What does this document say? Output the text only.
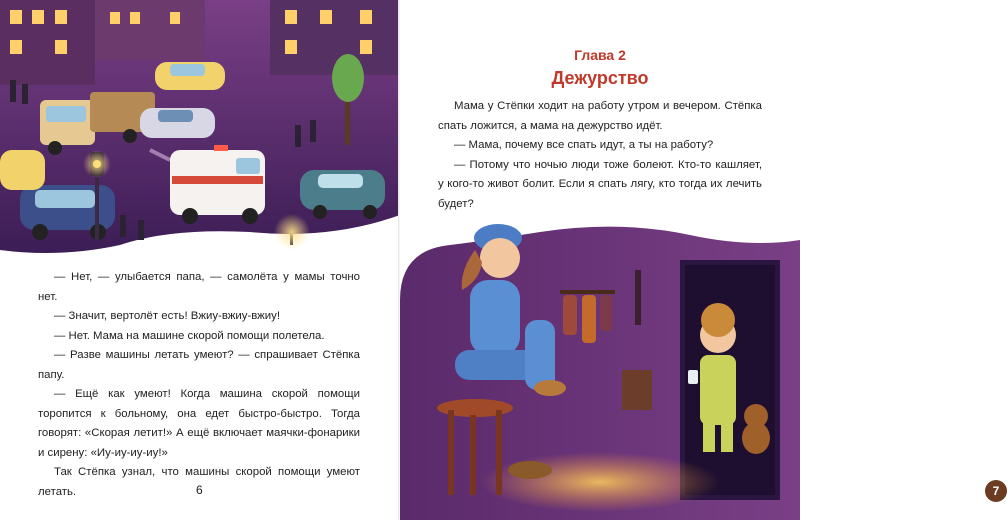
— Нет, — улыбается папа, — самолёта у мамы точно нет.

— Значит, вертолёт есть! Вжиу-вжиу-вжиу!

— Нет. Мама на машине скорой помощи полетела.

— Разве машины летать умеют? — спрашивает Стёпка папу.

— Ещё как умеют! Когда машина скорой помощи торопится к больному, она едет быстро-быстро. Тогда говорят: «Скорая летит!» А ещё включает маячки-фонарики и сирену: «Иу-иу-иу-иу!»

Так Стёпка узнал, что машины скорой помощи умеют летать.	6
Глава 2
Дежурство

Мама у Стёпки ходит на работу утром и вечером. Стёпка спать ложится, а мама на дежурство идёт.

— Мама, почему все спать идут, а ты на работу?

— Потому что ночью люди тоже болеют. Кто-то кашляет, у кого-то живот болит. Если я спать лягу, кто тогда их лечить будет?

7
